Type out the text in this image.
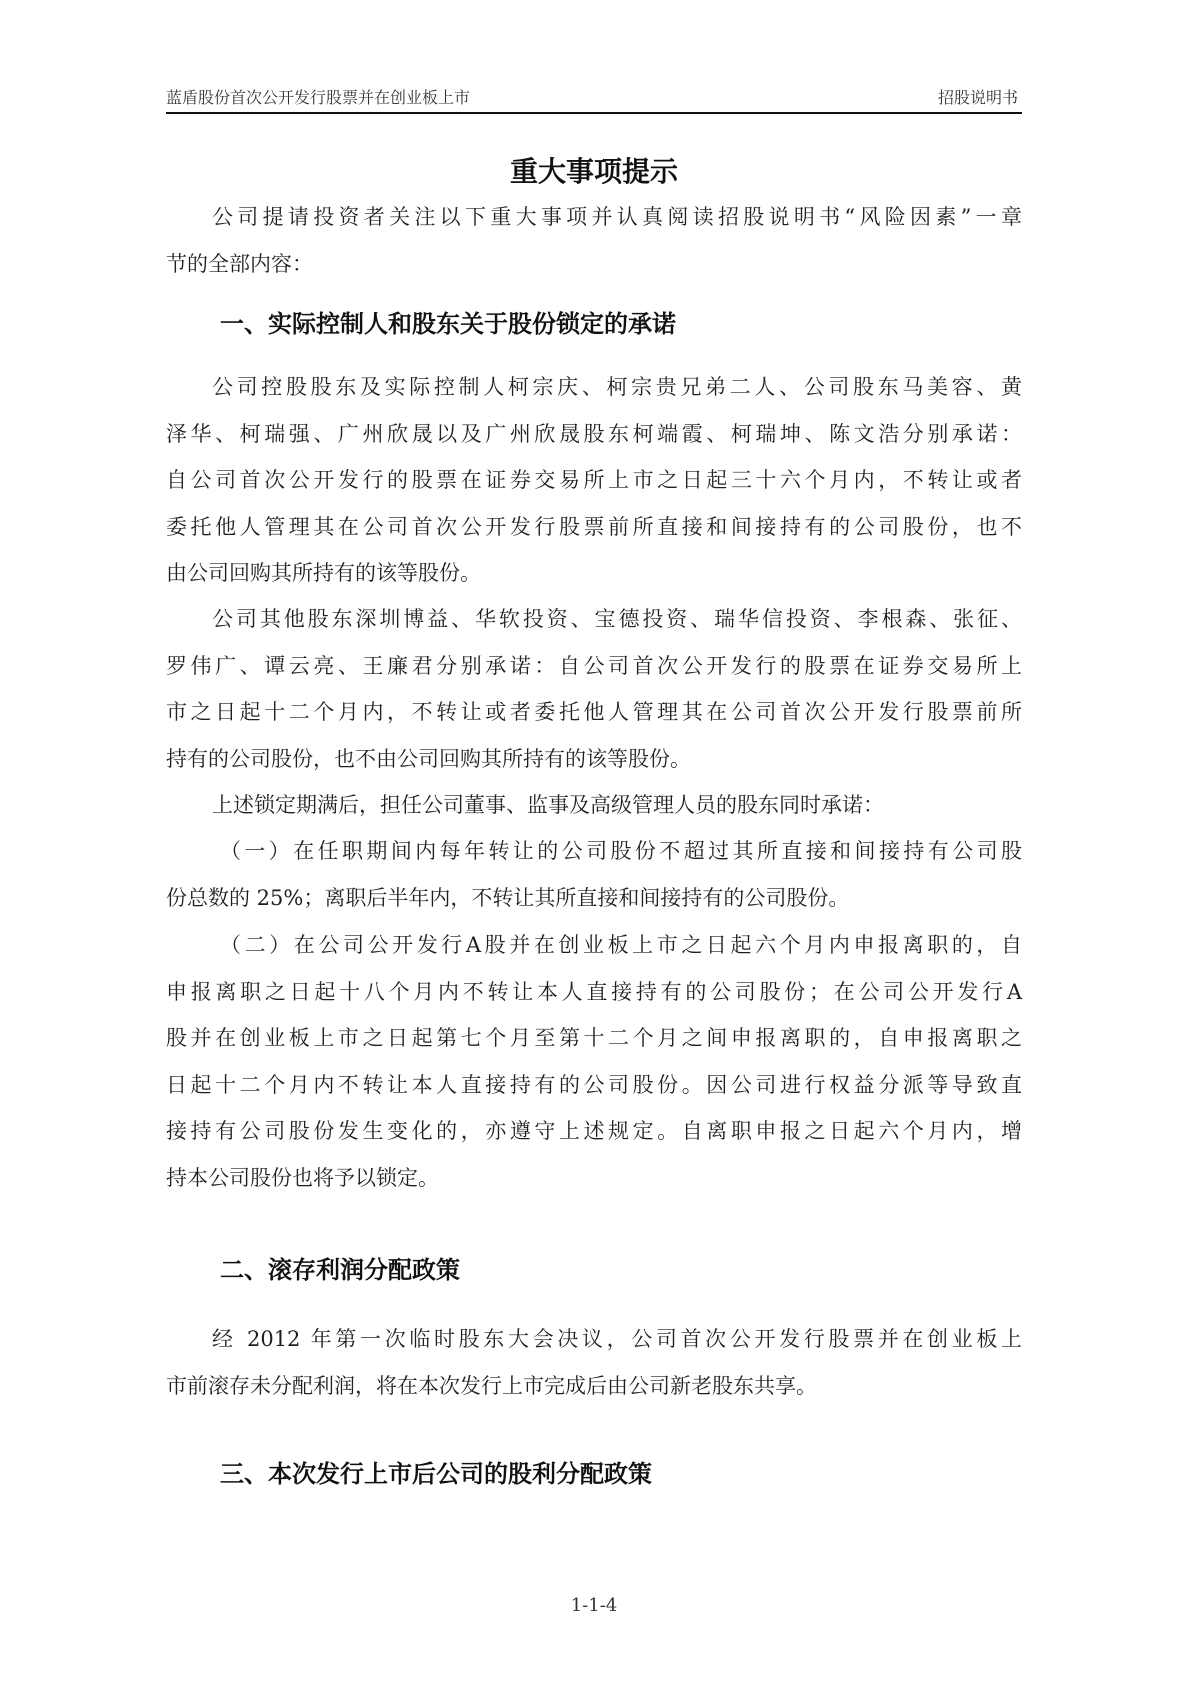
蓝盾股份首次公开发行股票并在创业板上市	招股说明书
重大事项提示

公司提请投资者关注以下重大事项并认真阅读招股说明书“风险因素”一章
节的全部内容：

一、实际控制人和股东关于股份锁定的承诺

公司控股股东及实际控制人柯宗庆、柯宗贵兄弟二人、公司股东马美容、黄
泽华、柯瑞强、广州欣晟以及广州欣晟股东柯端霞、柯瑞坤、陈文浩分别承诺：
自公司首次公开发行的股票在证券交易所上市之日起三十六个月内，不转让或者
委托他人管理其在公司首次公开发行股票前所直接和间接持有的公司股份，也不
由公司回购其所持有的该等股份。

公司其他股东深圳博益、华软投资、宝德投资、瑞华信投资、李根森、张征、
罗伟广、谭云亮、王廉君分别承诺：自公司首次公开发行的股票在证券交易所上
市之日起十二个月内，不转让或者委托他人管理其在公司首次公开发行股票前所
持有的公司股份，也不由公司回购其所持有的该等股份。

上述锁定期满后，担任公司董事、监事及高级管理人员的股东同时承诺：

（一）在任职期间内每年转让的公司股份不超过其所直接和间接持有公司股
份总数的 25%；离职后半年内，不转让其所直接和间接持有的公司股份。

（二）在公司公开发行A股并在创业板上市之日起六个月内申报离职的，自
申报离职之日起十八个月内不转让本人直接持有的公司股份；在公司公开发行A
股并在创业板上市之日起第七个月至第十二个月之间申报离职的，自申报离职之
日起十二个月内不转让本人直接持有的公司股份。因公司进行权益分派等导致直
接持有公司股份发生变化的，亦遵守上述规定。自离职申报之日起六个月内，增
持本公司股份也将予以锁定。

二、滚存利润分配政策

经 2012 年第一次临时股东大会决议，公司首次公开发行股票并在创业板上
市前滚存未分配利润，将在本次发行上市完成后由公司新老股东共享。

三、本次发行上市后公司的股利分配政策
1-1-4
